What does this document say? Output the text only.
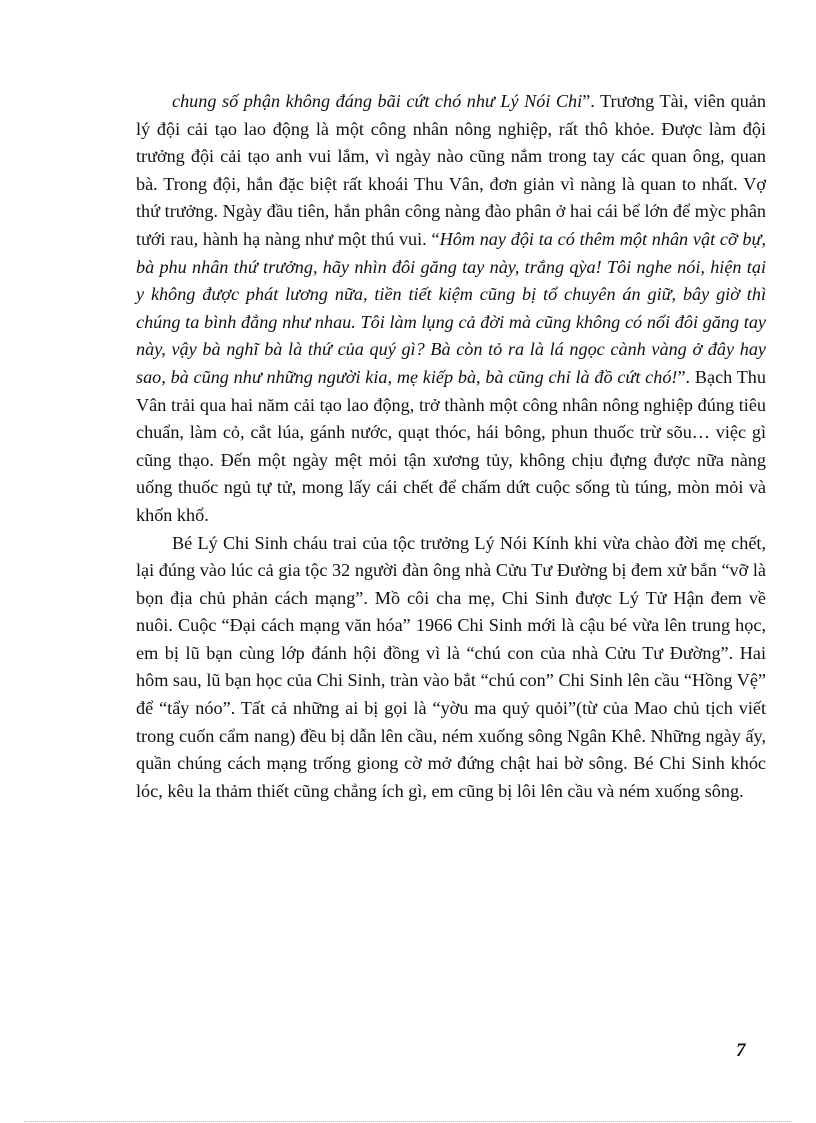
chung số phận không đáng bãi cứt chó như Lý Nói Chi”. Trương Tài, viên quản lý đội cải tạo lao động là một công nhân nông nghiệp, rất thô khỏe. Được làm đội trưởng đội cải tạo anh vui lắm, vì ngày nào cũng nắm trong tay các quan ông, quan bà. Trong đội, hắn đặc biệt rất khoái Thu Vân, đơn giản vì nàng là quan to nhất. Vợ thứ trưởng. Ngày đầu tiên, hắn phân công nàng đào phân ở hai cái bể lớn để mỳc phân tưới rau, hành hạ nàng như một thú vui. “Hôm nay đội ta có thêm một nhân vật cỡ bự, bà phu nhân thứ trưởng, hãy nhìn đôi găng tay này, trắng qỳa! Tôi nghe nói, hiện tại y không được phát lương nữa, tiền tiết kiệm cũng bị tổ chuyên án giữ, bây giờ thì chúng ta bình đẳng như nhau. Tôi làm lụng cả đời mà cũng không có nổi đôi găng tay này, vậy bà nghĩ bà là thứ của quý gì? Bà còn tỏ ra là lá ngọc cành vàng ở đây hay sao, bà cũng như những người kia, mẹ kiếp bà, bà cũng chỉ là đồ cứt chó!”. Bạch Thu Vân trải qua hai năm cải tạo lao động, trở thành một công nhân nông nghiệp đúng tiêu chuẩn, làm cỏ, cắt lúa, gánh nước, quạt thóc, hái bông, phun thuốc trừ sõu… việc gì cũng thạo. Đến một ngày mệt mỏi tận xương tủy, không chịu đựng được nữa nàng uống thuốc ngủ tự tử, mong lấy cái chết để chấm dứt cuộc sống tù túng, mòn mỏi và khốn khổ.

Bé Lý Chi Sinh cháu trai của tộc trưởng Lý Nói Kính khi vừa chào đời mẹ chết, lại đúng vào lúc cả gia tộc 32 người đàn ông nhà Cửu Tư Đường bị đem xử bắn “vỡ là bọn địa chủ phản cách mạng”. Mồ côi cha mẹ, Chi Sinh được Lý Tử Hận đem về nuôi. Cuộc “Đại cách mạng văn hóa” 1966 Chi Sinh mới là cậu bé vừa lên trung học, em bị lũ bạn cùng lớp đánh hội đồng vì là “chú con của nhà Cửu Tư Đường”. Hai hôm sau, lũ bạn học của Chi Sinh, tràn vào bắt “chú con” Chi Sinh lên cầu “Hồng Vệ” để “tẩy nóo”. Tất cả những ai bị gọi là “yờu ma quỷ quỏi”(từ của Mao chủ tịch viết trong cuốn cẩm nang) đều bị dẫn lên cầu, ném xuống sông Ngân Khê. Những ngày ấy, quần chúng cách mạng trống giong cờ mở đứng chật hai bờ sông. Bé Chi Sinh khóc lóc, kêu la thảm thiết cũng chẳng ích gì, em cũng bị lôi lên cầu và ném xuống sông.

7
